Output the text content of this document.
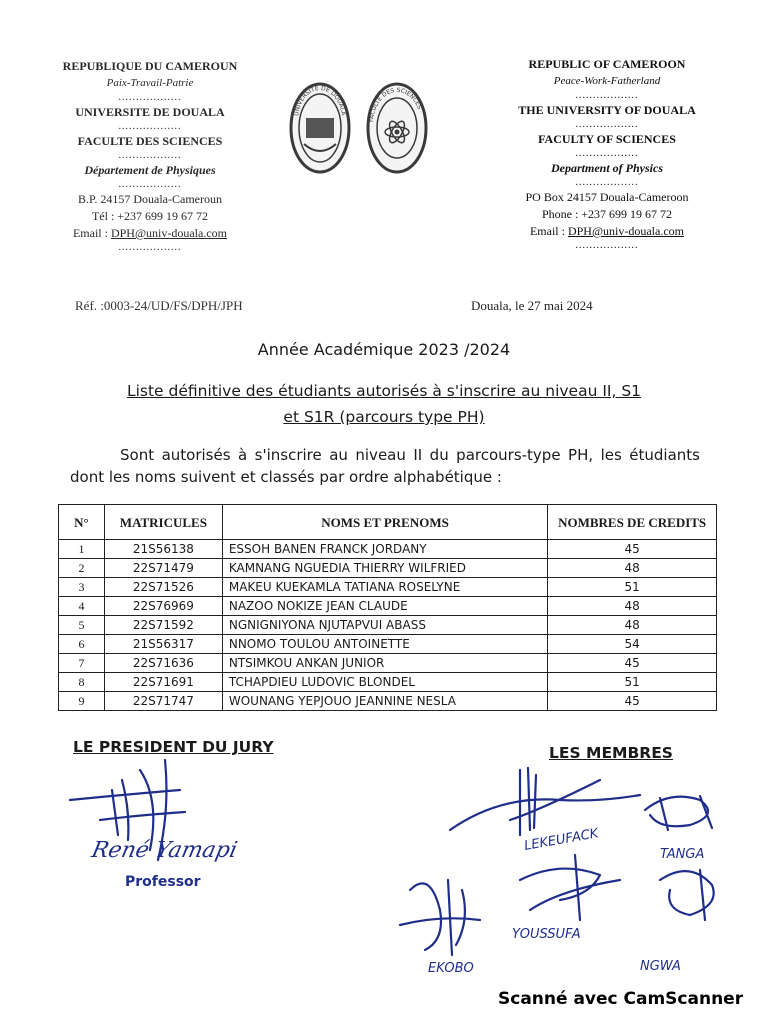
REPUBLIQUE DU CAMEROUN
Paix-Travail-Patrie
..................
UNIVERSITE DE DOUALA
..................
FACULTE DES SCIENCES
..................
Département de Physiques
..................
B.P. 24157 Douala-Cameroun
Tél : +237 699 19 67 72
Email : DPH@univ-douala.com
..................
UNIVERSITE DE DOUALA
FACULTE DES SCIENCES
REPUBLIC OF CAMEROON
Peace-Work-Fatherland
..................
THE UNIVERSITY OF DOUALA
..................
FACULTY OF SCIENCES
..................
Department of Physics
..................
PO Box 24157 Douala-Cameroon
Phone : +237 699 19 67 72
Email : DPH@univ-douala.com
..................
Réf. :0003-24/UD/FS/DPH/JPH	Douala, le 27 mai 2024
Année Académique 2023 /2024
Liste définitive des étudiants autorisés à s'inscrire au niveau II, S1
et S1R (parcours type PH)
Sont autorisés à s'inscrire au niveau II du parcours-type PH, les étudiants dont les noms suivent et classés par ordre alphabétique :
N°	MATRICULES	NOMS ET PRENOMS	NOMBRES DE CREDITS
1	21S56138	ESSOH BANEN FRANCK JORDANY	45
2	22S71479	KAMNANG NGUEDIA THIERRY WILFRIED	48
3	22S71526	MAKEU KUEKAMLA TATIANA ROSELYNE	51
4	22S76969	NAZOO NOKIZE JEAN CLAUDE	48
5	22S71592	NGNIGNIYONA NJUTAPVUI ABASS	48
6	21S56317	NNOMO TOULOU ANTOINETTE	54
7	22S71636	NTSIMKOU ANKAN JUNIOR	45
8	22S71691	TCHAPDIEU LUDOVIC BLONDEL	51
9	22S71747	WOUNANG YEPJOUO JEANNINE NESLA	45
LE PRESIDENT DU JURY	LES MEMBRES
LEKEUFACK
TANGA
YOUSSUFA
EKOBO	NGWA
René Yamapi
Professor
Scanné avec CamScanner
